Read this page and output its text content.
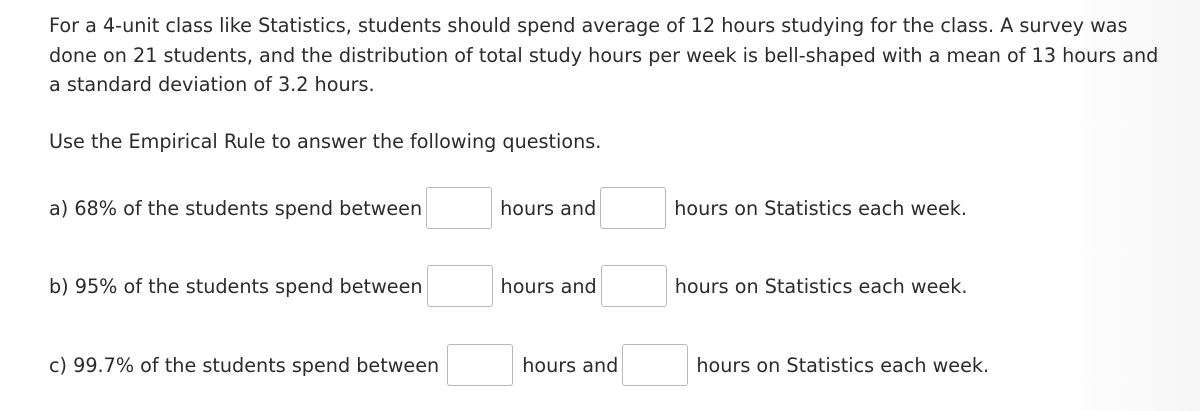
For a 4-unit class like Statistics, students should spend average of 12 hours studying for the class. A survey was done on 21 students, and the distribution of total study hours per week is bell-shaped with a mean of 13 hours and a standard deviation of 3.2 hours.

Use the Empirical Rule to answer the following questions.

a) 68% of the students spend between	hours and	hours on Statistics each week.
b) 95% of the students spend between	hours and	hours on Statistics each week.
c) 99.7% of the students spend between	hours and	hours on Statistics each week.
